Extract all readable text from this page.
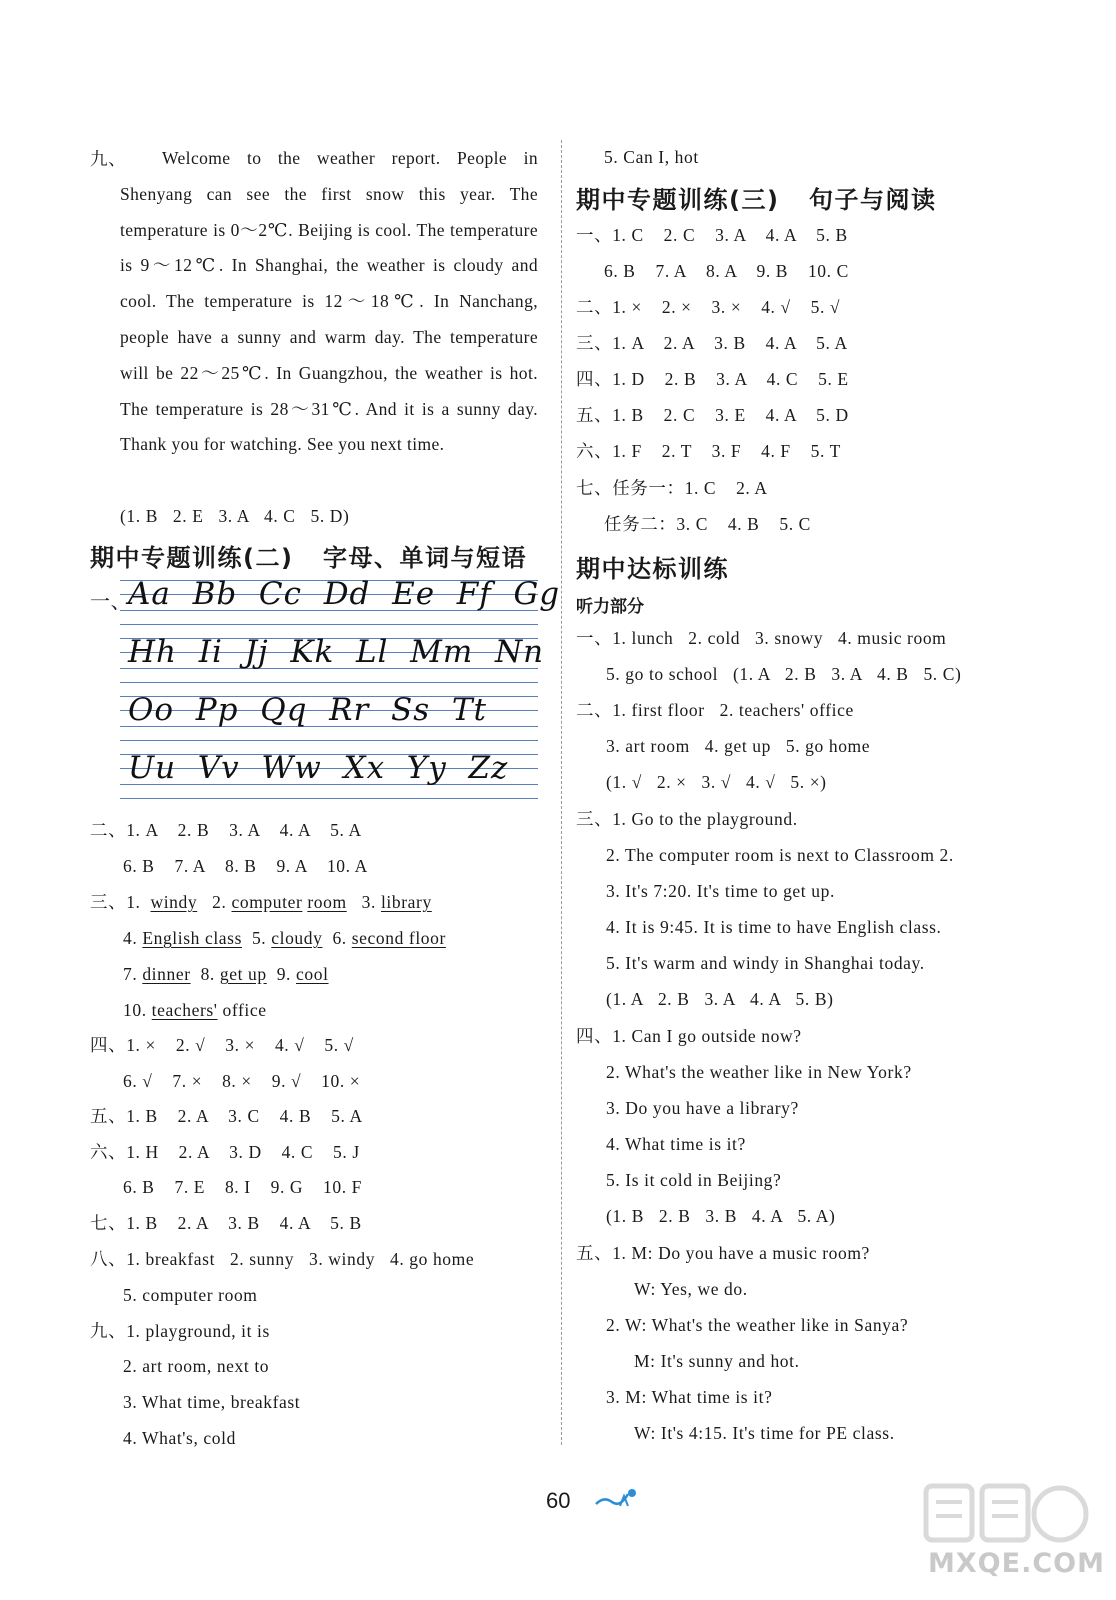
九、	Welcome to the weather report. People in Shenyang can see the first snow this year. The temperature is 0～2℃. Beijing is cool. The temperature is 9～12℃. In Shanghai, the weather is cloudy and cool. The temperature is 12～18℃. In Nanchang, people have a sunny and warm day. The temperature will be 22～25℃. In Guangzhou, the weather is hot. The temperature is 28～31℃. And it is a sunny day. Thank you for watching. See you next time.
(1. B   2. E   3. A   4. C   5. D)
期中专题训练(二)   字母、单词与短语
一、
Aa  Bb  Cc  Dd  Ee  Ff  Gg
Hh  Ii  Jj  Kk  Ll  Mm  Nn
Oo  Pp  Qq  Rr  Ss  Tt
Uu  Vv  Ww  Xx  Yy  Zz
二、1. A    2. B    3. A    4. A    5. A
6. B    7. A    8. B    9. A    10. A
三、1. windy 2. computer room 3. library
4. English class 5. cloudy 6. second floor
7. dinner 8. get up 9. cool
10. teachers' office
四、1. ×    2. √    3. ×    4. √    5. √
6. √    7. ×    8. ×    9. √    10. ×
五、1. B    2. A    3. C    4. B    5. A
六、1. H    2. A    3. D    4. C    5. J
6. B    7. E    8. I    9. G    10. F
七、1. B    2. A    3. B    4. A    5. B
八、1. breakfast   2. sunny   3. windy   4. go home
5. computer room
九、1. playground, it is
2. art room, next to
3. What time, breakfast
4. What's, cold
5. Can I, hot
期中专题训练(三)   句子与阅读
一、1. C    2. C    3. A    4. A    5. B
6. B    7. A    8. A    9. B    10. C
二、1. ×    2. ×    3. ×    4. √    5. √
三、1. A    2. A    3. B    4. A    5. A
四、1. D    2. B    3. A    4. C    5. E
五、1. B    2. C    3. E    4. A    5. D
六、1. F    2. T    3. F    4. F    5. T
七、任务一：1. C    2. A
任务二：3. C    4. B    5. C
期中达标训练
听力部分
一、1. lunch   2. cold   3. snowy   4. music room
5. go to school   (1. A   2. B   3. A   4. B   5. C)
二、1. first floor   2. teachers' office
3. art room   4. get up   5. go home
(1. √   2. ×   3. √   4. √   5. ×)
三、1. Go to the playground.
2. The computer room is next to Classroom 2.
3. It's 7:20. It's time to get up.
4. It is 9:45. It is time to have English class.
5. It's warm and windy in Shanghai today.
(1. A   2. B   3. A   4. A   5. B)
四、1. Can I go outside now?
2. What's the weather like in New York?
3. Do you have a library?
4. What time is it?
5. Is it cold in Beijing?
(1. B   2. B   3. B   4. A   5. A)
五、1. M: Do you have a music room?
W: Yes, we do.
2. W: What's the weather like in Sanya?
M: It's sunny and hot.
3. M: What time is it?
W: It's 4:15. It's time for PE class.
60
MXQE.COM
